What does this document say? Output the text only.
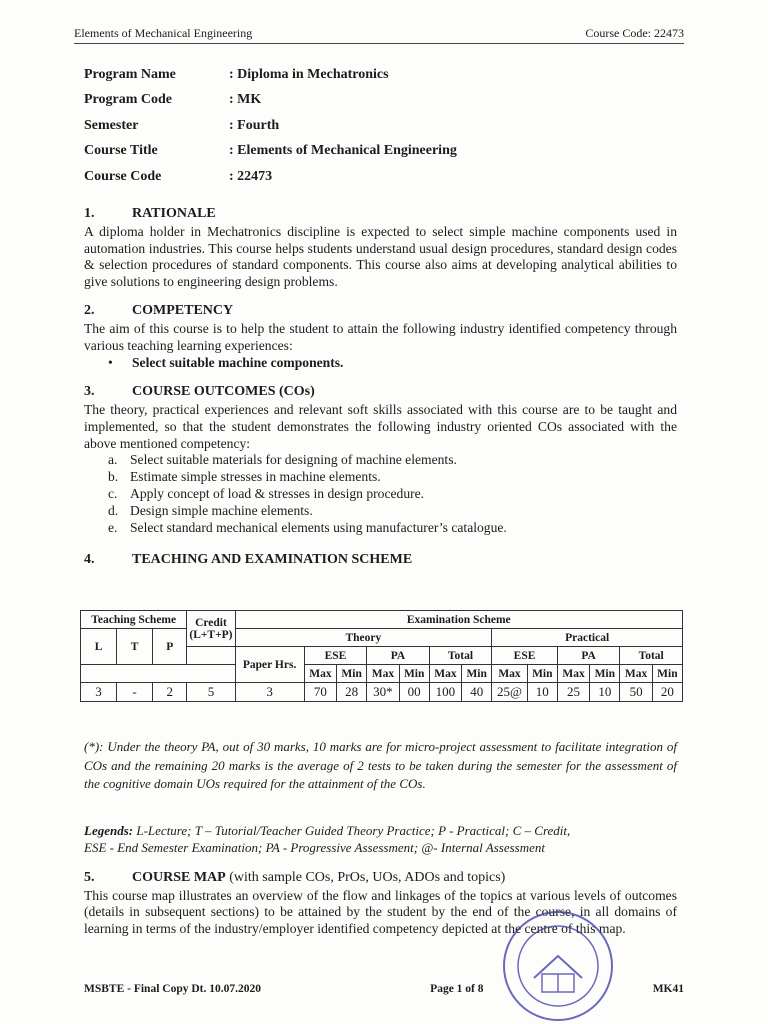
Elements of Mechanical Engineering	Course Code: 22473
Program Name	: Diploma in Mechatronics
Program Code	: MK
Semester	: Fourth
Course Title	: Elements of Mechanical Engineering
Course Code	: 22473
1.	RATIONALE

A diploma holder in Mechatronics discipline is expected to select simple machine components used in automation industries. This course helps students understand usual design procedures, standard design codes & selection procedures of standard components. This course also aims at developing analytical abilities to give solutions to engineering design problems.

2.	COMPETENCY

The aim of this course is to help the student to attain the following industry identified competency through various teaching learning experiences:

• Select suitable machine components.
3.	COURSE OUTCOMES (COs)

The theory, practical experiences and relevant soft skills associated with this course are to be taught and implemented, so that the student demonstrates the following industry oriented COs associated with the above mentioned competency:

a. Select suitable materials for designing of machine elements.
b. Estimate simple stresses in machine elements.
c. Apply concept of load & stresses in design procedure.
d. Design simple machine elements.
e. Select standard mechanical elements using manufacturer’s catalogue.
4.	TEACHING AND EXAMINATION SCHEME
Teaching Scheme			Credit (L+T+P)	Examination Scheme												

L	T	P		Theory							Practical					
				Paper Hrs.	ESE		PA		Total		ESE		PA		Total	
					Max	Min	Max	Min	Max	Min	Max	Min	Max	Min	Max	Min
3	-	2	5	3	70	28	30*	00	100	40	25@	10	25	10	50	20

(*): Under the theory PA, out of 30 marks, 10 marks are for micro-project assessment to facilitate integration of COs and the remaining 20 marks is the average of 2 tests to be taken during the semester for the assessment of the cognitive domain UOs required for the attainment of the COs.

Legends: L-Lecture; T – Tutorial/Teacher Guided Theory Practice; P - Practical; C – Credit,
ESE - End Semester Examination; PA - Progressive Assessment; @- Internal Assessment
5.	COURSE MAP
(with sample COs, PrOs, UOs, ADOs and topics)

This course map illustrates an overview of the flow and linkages of the topics at various levels of outcomes (details in subsequent sections) to be attained by the student by the end of the course, in all domains of learning in terms of the industry/employer identified competency depicted at the centre of this map.

MSBTE - Final Copy Dt. 10.07.2020	Page 1 of 8	MK41
